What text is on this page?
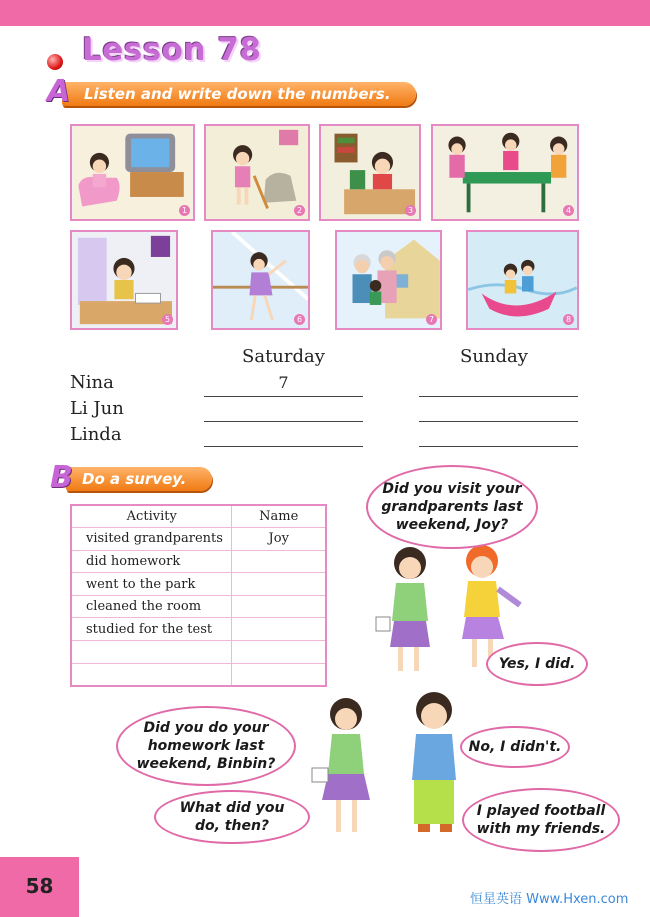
Lesson 78
Listen and write down the numbers.
A
1	2	3	4
5	6	7	8
Saturday	Sunday
Nina	7
Li Jun
Linda
Do a survey.
B
Activity	Name
visited grandparents	Joy
did homework	
went to the park	
cleaned the room	
studied for the test	

Did you visit your
grandparents last
weekend, Joy?
Yes, I did.
Did you do your
homework last
weekend, Binbin?
No, I didn't.
What did you
do, then?
I played football
with my friends.
58
恒星英语 Www.Hxen.com
